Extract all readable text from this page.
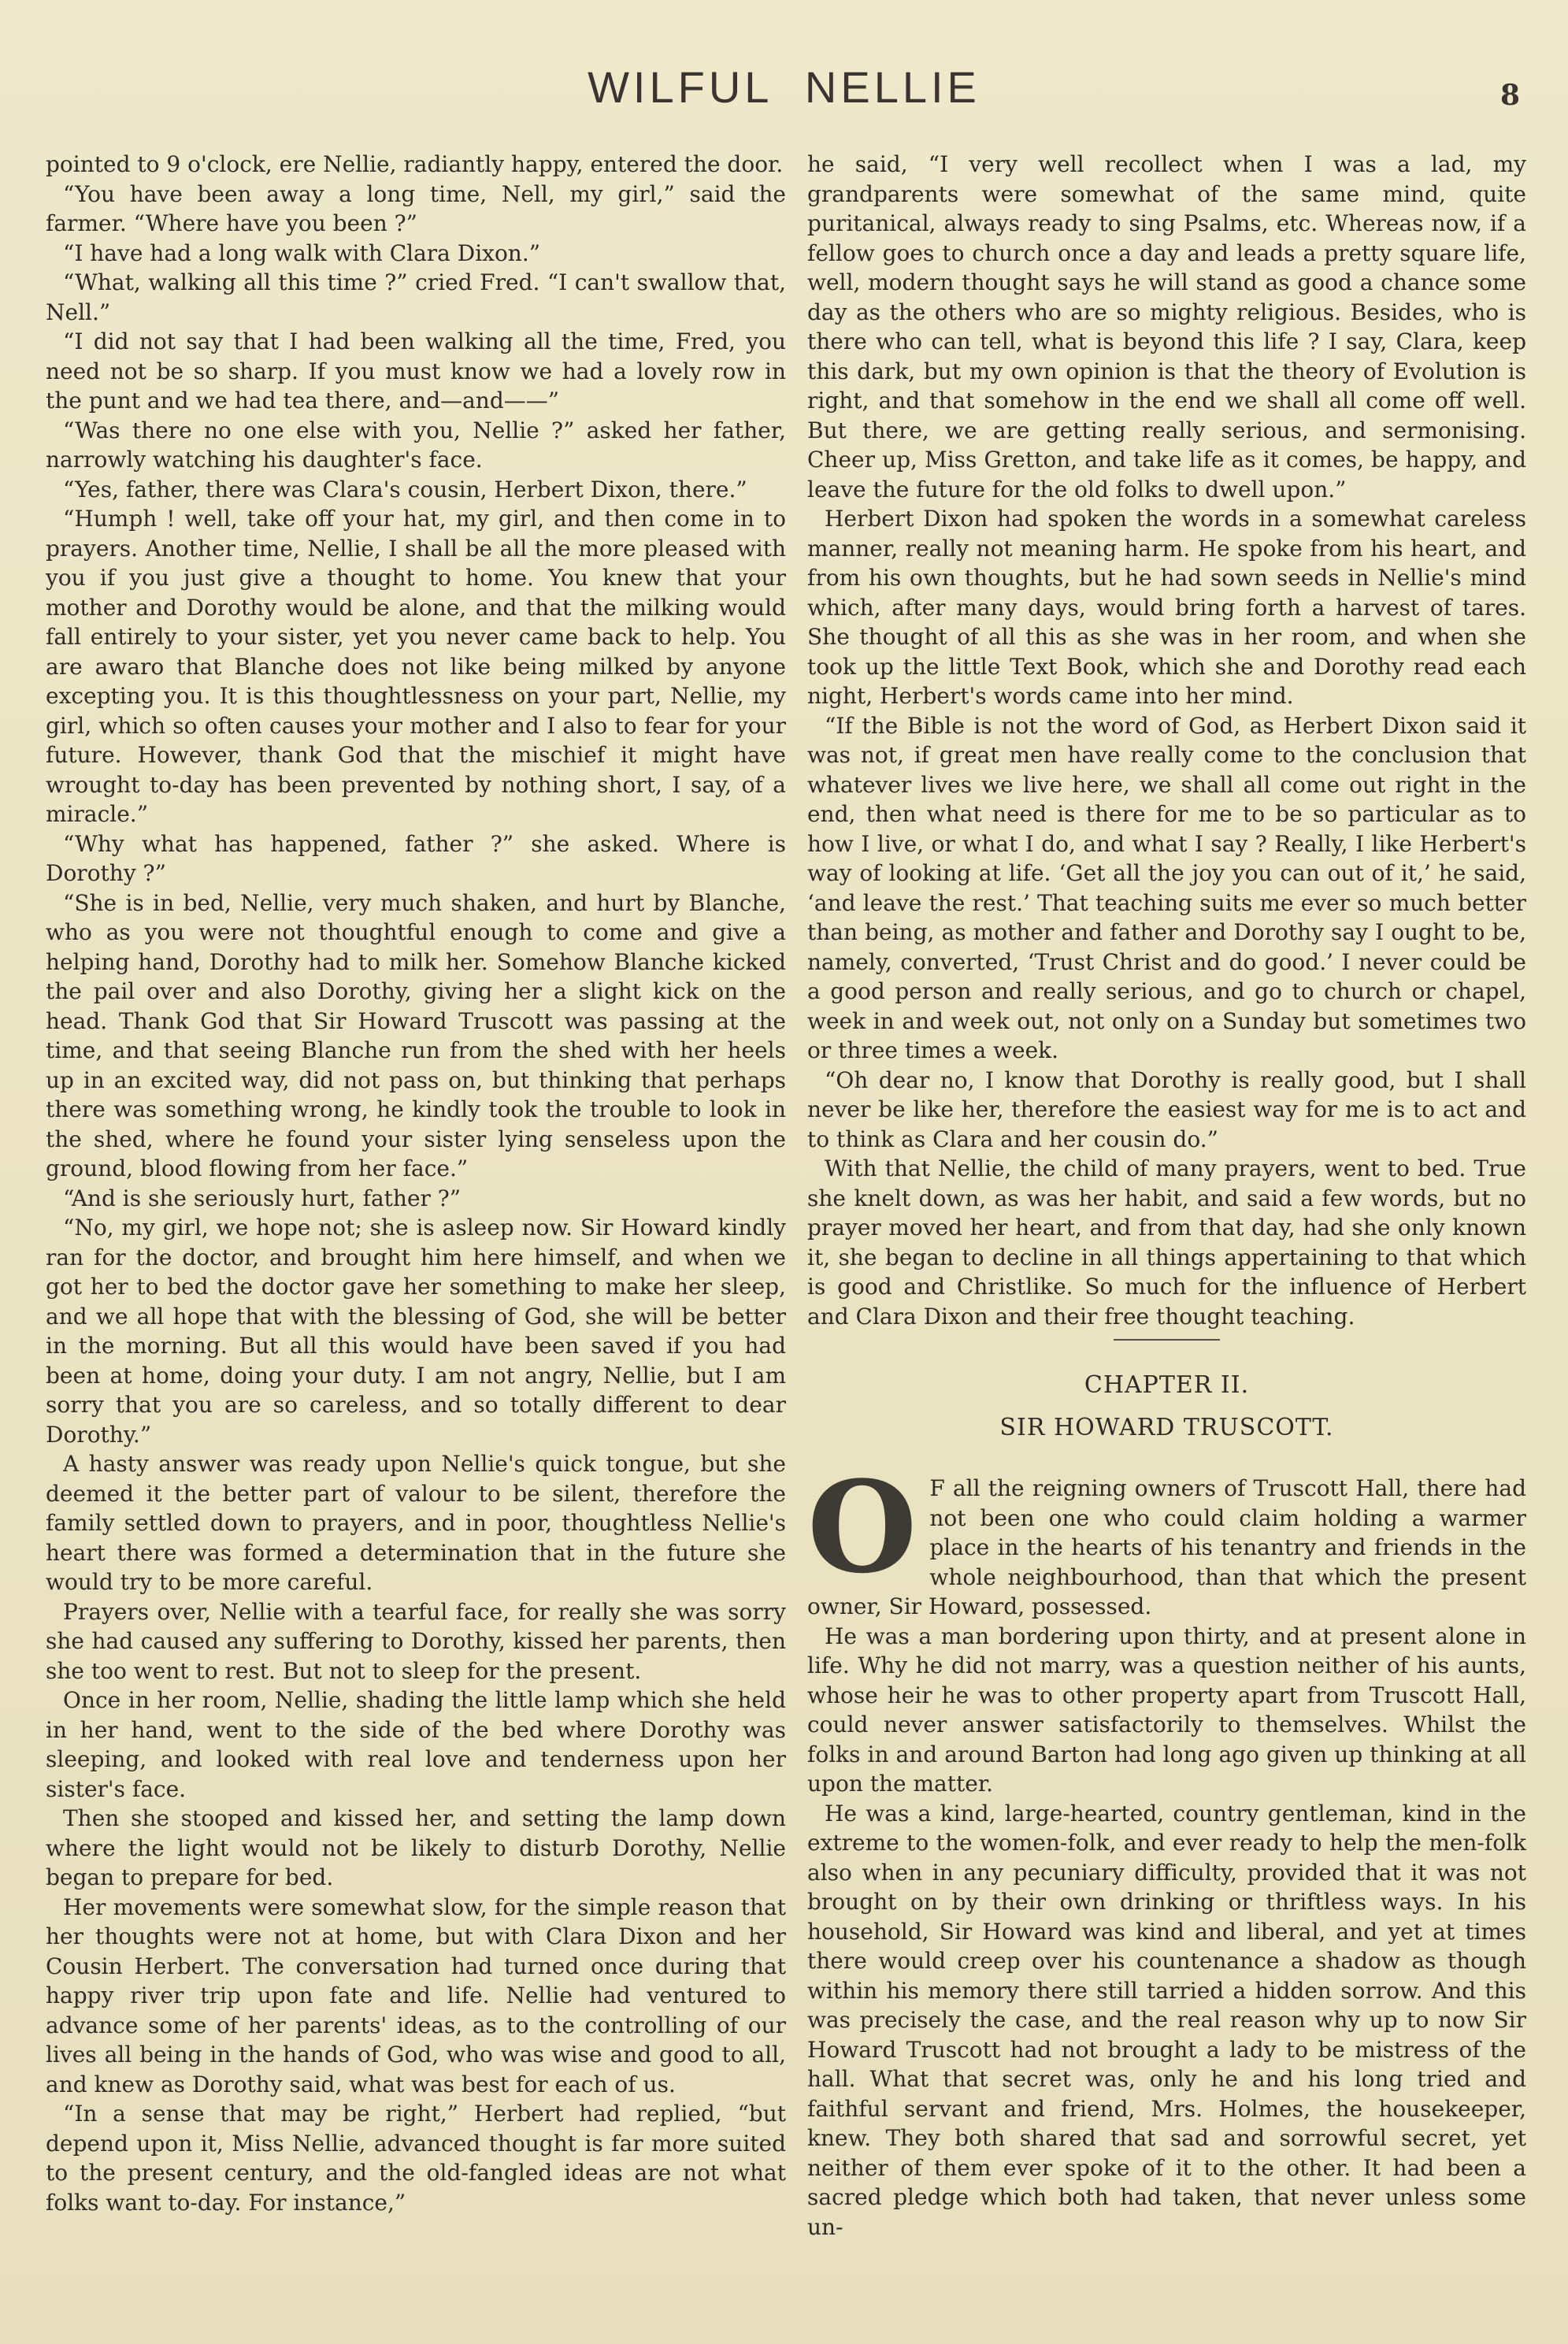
WILFUL NELLIE	8

pointed to 9 o'clock, ere Nellie, radiantly happy, entered the door.

“You have been away a long time, Nell, my girl,” said the farmer. “Where have you been ?”

“I have had a long walk with Clara Dixon.”

“What, walking all this time ?” cried Fred. “I can't swallow that, Nell.”

“I did not say that I had been walking all the time, Fred, you need not be so sharp. If you must know we had a lovely row in the punt and we had tea there, and—and——”

“Was there no one else with you, Nellie ?” asked her father, narrowly watching his daughter's face.

“Yes, father, there was Clara's cousin, Herbert Dixon, there.”

“Humph ! well, take off your hat, my girl, and then come in to prayers. Another time, Nellie, I shall be all the more pleased with you if you just give a thought to home. You knew that your mother and Dorothy would be alone, and that the milking would fall entirely to your sister, yet you never came back to help. You are awaro that Blanche does not like being milked by anyone excepting you. It is this thoughtlessness on your part, Nellie, my girl, which so often causes your mother and I also to fear for your future. However, thank God that the mischief it might have wrought to-day has been prevented by nothing short, I say, of a miracle.”

“Why what has happened, father ?” she asked. Where is Dorothy ?”

“She is in bed, Nellie, very much shaken, and hurt by Blanche, who as you were not thoughtful enough to come and give a helping hand, Dorothy had to milk her. Somehow Blanche kicked the pail over and also Dorothy, giving her a slight kick on the head. Thank God that Sir Howard Truscott was passing at the time, and that seeing Blanche run from the shed with her heels up in an excited way, did not pass on, but thinking that perhaps there was something wrong, he kindly took the trouble to look in the shed, where he found your sister lying senseless upon the ground, blood flowing from her face.”

“And is she seriously hurt, father ?”

“No, my girl, we hope not; she is asleep now. Sir Howard kindly ran for the doctor, and brought him here himself, and when we got her to bed the doctor gave her something to make her sleep, and we all hope that with the blessing of God, she will be better in the morning. But all this would have been saved if you had been at home, doing your duty. I am not angry, Nellie, but I am sorry that you are so careless, and so totally different to dear Dorothy.”

A hasty answer was ready upon Nellie's quick tongue, but she deemed it the better part of valour to be silent, therefore the family settled down to prayers, and in poor, thoughtless Nellie's heart there was formed a determination that in the future she would try to be more careful.

Prayers over, Nellie with a tearful face, for really she was sorry she had caused any suffering to Dorothy, kissed her parents, then she too went to rest. But not to sleep for the present.

Once in her room, Nellie, shading the little lamp which she held in her hand, went to the side of the bed where Dorothy was sleeping, and looked with real love and tenderness upon her sister's face.

Then she stooped and kissed her, and setting the lamp down where the light would not be likely to disturb Dorothy, Nellie began to prepare for bed.

Her movements were somewhat slow, for the simple reason that her thoughts were not at home, but with Clara Dixon and her Cousin Herbert. The conversation had turned once during that happy river trip upon fate and life. Nellie had ventured to advance some of her parents' ideas, as to the controlling of our lives all being in the hands of God, who was wise and good to all, and knew as Dorothy said, what was best for each of us.

“In a sense that may be right,” Herbert had replied, “but depend upon it, Miss Nellie, advanced thought is far more suited to the present century, and the old-fangled ideas are not what folks want to-day. For instance,”

he said, “I very well recollect when I was a lad, my grandparents were somewhat of the same mind, quite puritanical, always ready to sing Psalms, etc. Whereas now, if a fellow goes to church once a day and leads a pretty square life, well, modern thought says he will stand as good a chance some day as the others who are so mighty religious. Besides, who is there who can tell, what is beyond this life ? I say, Clara, keep this dark, but my own opinion is that the theory of Evolution is right, and that somehow in the end we shall all come off well. But there, we are getting really serious, and sermonising. Cheer up, Miss Gretton, and take life as it comes, be happy, and leave the future for the old folks to dwell upon.”

Herbert Dixon had spoken the words in a somewhat careless manner, really not meaning harm. He spoke from his heart, and from his own thoughts, but he had sown seeds in Nellie's mind which, after many days, would bring forth a harvest of tares. She thought of all this as she was in her room, and when she took up the little Text Book, which she and Dorothy read each night, Herbert's words came into her mind.

“If the Bible is not the word of God, as Herbert Dixon said it was not, if great men have really come to the conclusion that whatever lives we live here, we shall all come out right in the end, then what need is there for me to be so particular as to how I live, or what I do, and what I say ? Really, I like Herbert's way of looking at life. ‘Get all the joy you can out of it,’ he said, ‘and leave the rest.’ That teaching suits me ever so much better than being, as mother and father and Dorothy say I ought to be, namely, converted, ‘Trust Christ and do good.’ I never could be a good person and really serious, and go to church or chapel, week in and week out, not only on a Sunday but sometimes two or three times a week.

“Oh dear no, I know that Dorothy is really good, but I shall never be like her, therefore the easiest way for me is to act and to think as Clara and her cousin do.”

With that Nellie, the child of many prayers, went to bed. True she knelt down, as was her habit, and said a few words, but no prayer moved her heart, and from that day, had she only known it, she began to decline in all things appertaining to that which is good and Christlike. So much for the influence of Herbert and Clara Dixon and their free thought teaching.

CHAPTER II.
SIR HOWARD TRUSCOTT.

O F all the reigning owners of Truscott Hall, there had not been one who could claim holding a warmer place in the hearts of his tenantry and friends in the whole neighbourhood, than that which the present owner, Sir Howard, possessed.

He was a man bordering upon thirty, and at present alone in life. Why he did not marry, was a question neither of his aunts, whose heir he was to other property apart from Truscott Hall, could never answer satisfactorily to themselves. Whilst the folks in and around Barton had long ago given up thinking at all upon the matter.

He was a kind, large-hearted, country gentleman, kind in the extreme to the women-folk, and ever ready to help the men-folk also when in any pecuniary difficulty, provided that it was not brought on by their own drinking or thriftless ways. In his household, Sir Howard was kind and liberal, and yet at times there would creep over his countenance a shadow as though within his memory there still tarried a hidden sorrow. And this was precisely the case, and the real reason why up to now Sir Howard Truscott had not brought a lady to be mistress of the hall. What that secret was, only he and his long tried and faithful servant and friend, Mrs. Holmes, the housekeeper, knew. They both shared that sad and sorrowful secret, yet neither of them ever spoke of it to the other. It had been a sacred pledge which both had taken, that never unless some un-
